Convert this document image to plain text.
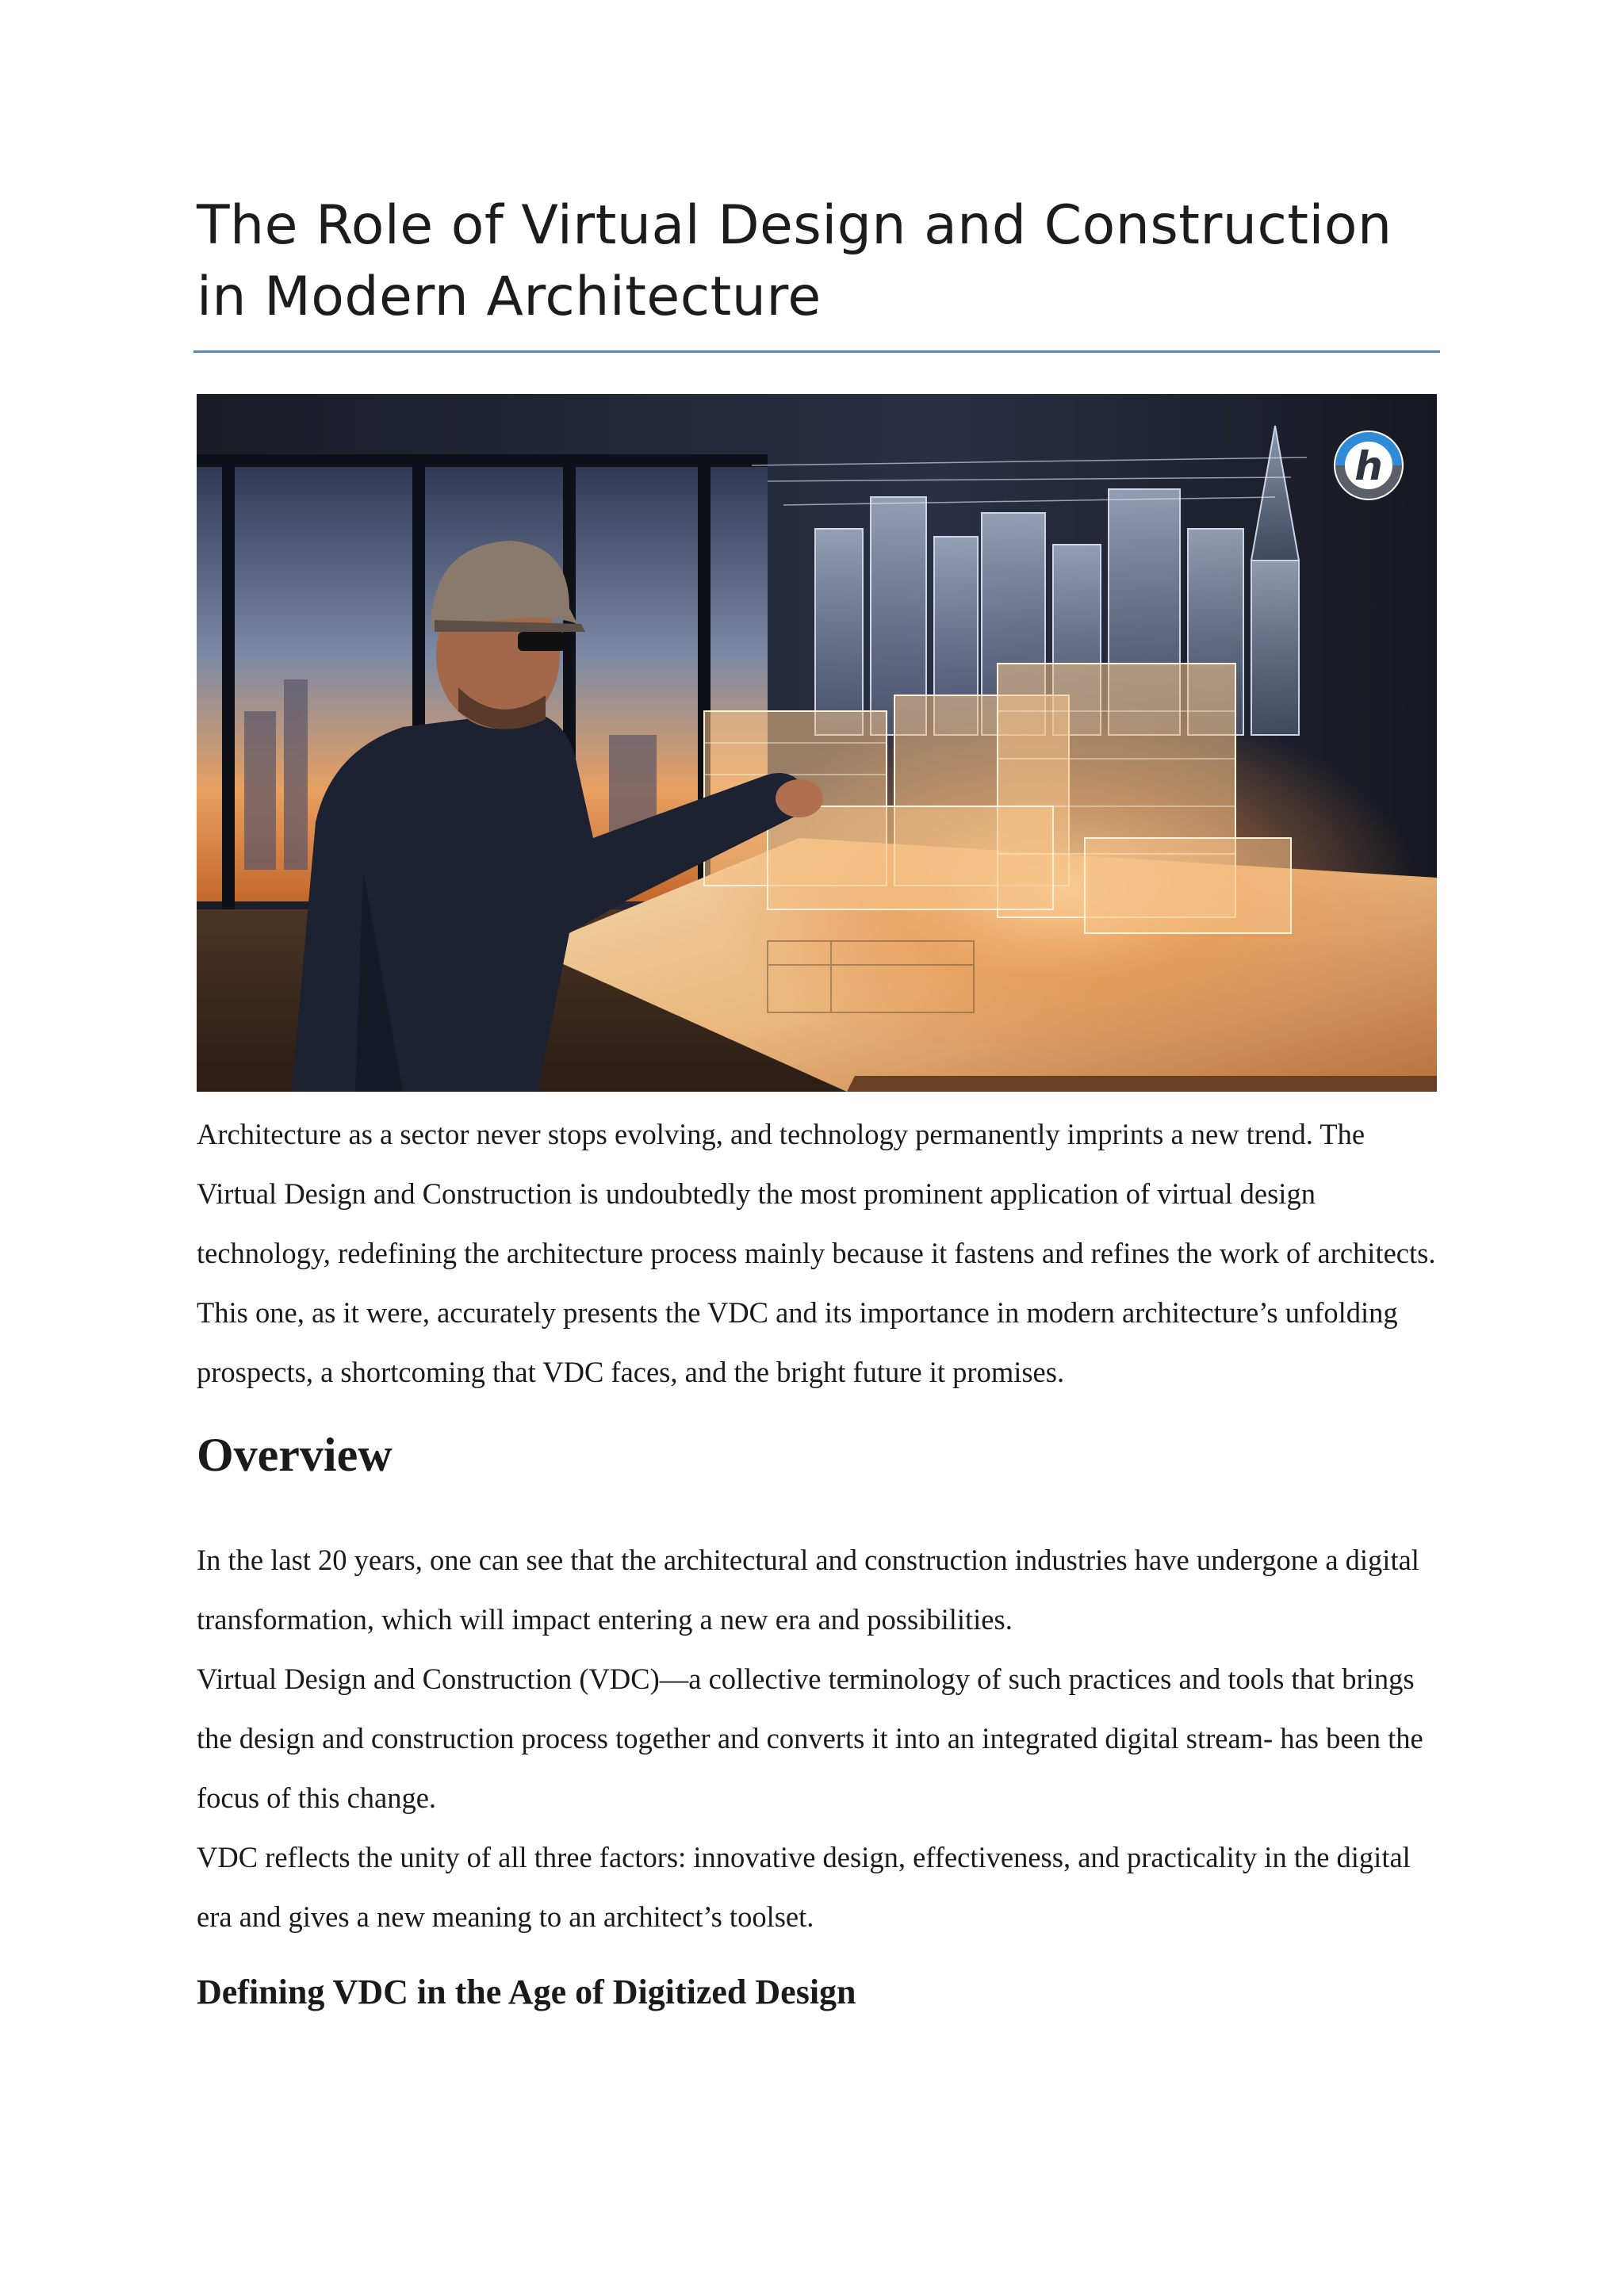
The Role of Virtual Design and Construction in Modern Architecture
h

Architecture as a sector never stops evolving, and technology permanently imprints a new trend. The Virtual Design and Construction is undoubtedly the most prominent application of virtual design technology, redefining the architecture process mainly because it fastens and refines the work of architects.

This one, as it were, accurately presents the VDC and its importance in modern architecture’s unfolding prospects, a shortcoming that VDC faces, and the bright future it promises.

Overview

In the last 20 years, one can see that the architectural and construction industries have undergone a digital transformation, which will impact entering a new era and possibilities.

Virtual Design and Construction (VDC)—a collective terminology of such practices and tools that brings the design and construction process together and converts it into an integrated digital stream- has been the focus of this change.

VDC reflects the unity of all three factors: innovative design, effectiveness, and practicality in the digital era and gives a new meaning to an architect’s toolset.

Defining VDC in the Age of Digitized Design
